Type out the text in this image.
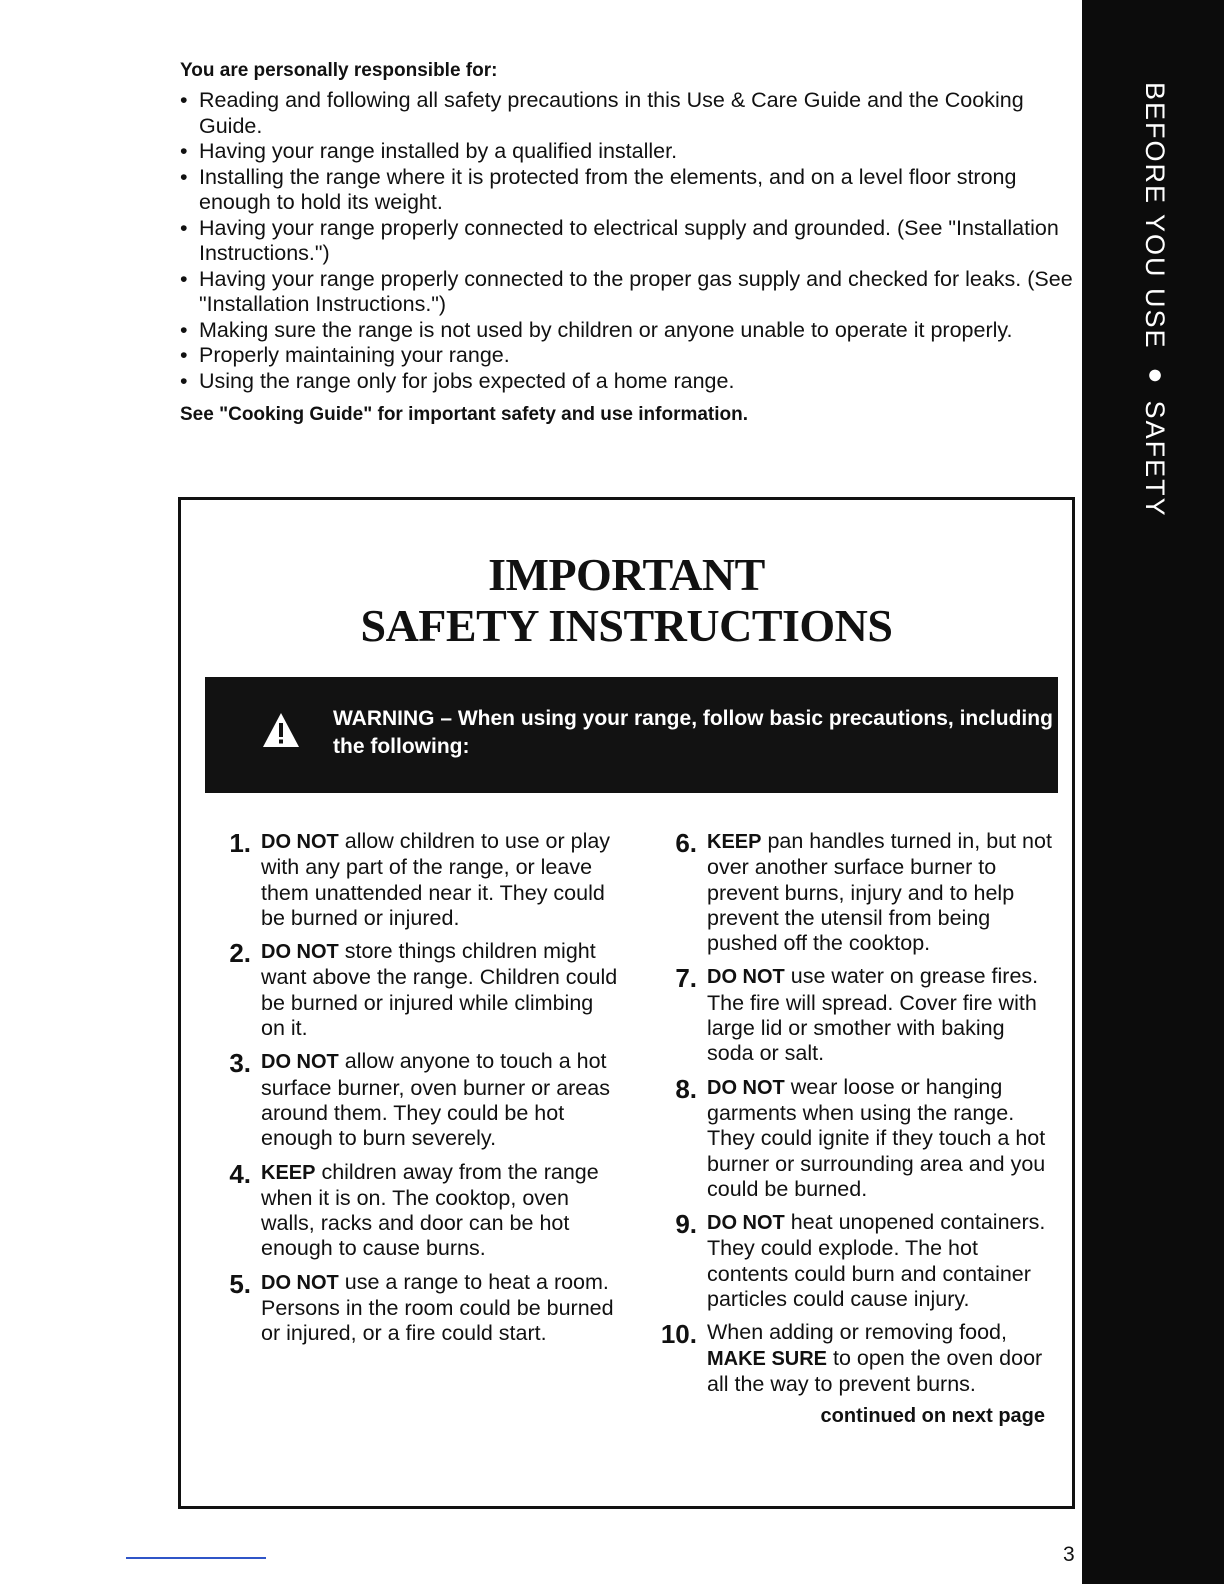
BEFORE YOU USE ● SAFETY
You are personally responsible for:
• Reading and following all safety precautions in this Use & Care Guide and the Cooking Guide.
• Having your range installed by a qualified installer.
• Installing the range where it is protected from the elements, and on a level floor strong enough to hold its weight.
• Having your range properly connected to electrical supply and grounded. (See "Installation Instructions.")
• Having your range properly connected to the proper gas supply and checked for leaks. (See "Installation Instructions.")
• Making sure the range is not used by children or anyone unable to operate it properly.
• Properly maintaining your range.
• Using the range only for jobs expected of a home range.
See "Cooking Guide" for important safety and use information.
IMPORTANT
SAFETY INSTRUCTIONS
WARNING – When using your range, follow basic precautions, including the following:
1. DO NOT allow children to use or play with any part of the range, or leave them unattended near it. They could be burned or injured.
2. DO NOT store things children might want above the range. Children could be burned or injured while climbing on it.
3. DO NOT allow anyone to touch a hot surface burner, oven burner or areas around them. They could be hot enough to burn severely.
4. KEEP children away from the range when it is on. The cooktop, oven walls, racks and door can be hot enough to cause burns.
5. DO NOT use a range to heat a room. Persons in the room could be burned or injured, or a fire could start.
6. KEEP pan handles turned in, but not over another surface burner to prevent burns, injury and to help prevent the utensil from being pushed off the cooktop.
7. DO NOT use water on grease fires. The fire will spread. Cover fire with large lid or smother with baking soda or salt.
8. DO NOT wear loose or hanging garments when using the range. They could ignite if they touch a hot burner or surrounding area and you could be burned.
9. DO NOT heat unopened containers. They could explode. The hot contents could burn and container particles could cause injury.
10. When adding or removing food, MAKE SURE to open the oven door all the way to prevent burns.
continued on next page
3
